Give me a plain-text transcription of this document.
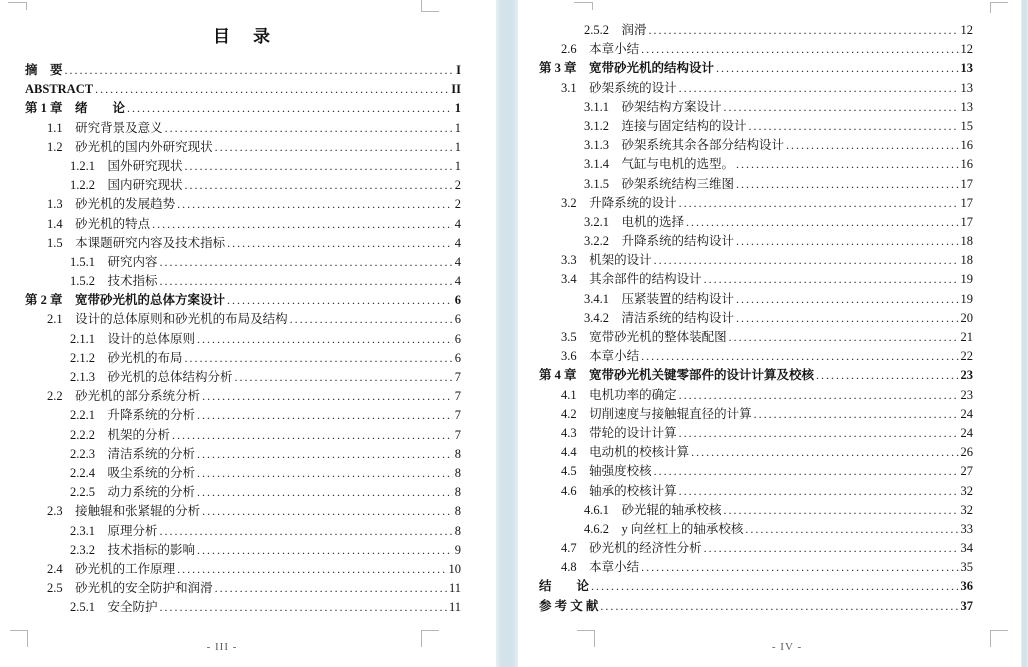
目　录
摘　要 .....	I
ABSTRACT .....	II
第 1 章　绪　　论 .....	1
1.1　研究背景及意义 .....	1
1.2　砂光机的国内外研究现状 .....	1
1.2.1　国外研究现状 .....	1
1.2.2　国内研究现状 .....	2
1.3　砂光机的发展趋势 .....	2
1.4　砂光机的特点 .....	4
1.5　本课题研究内容及技术指标 .....	4
1.5.1　研究内容 .....	4
1.5.2　技术指标 .....	4
第 2 章　宽带砂光机的总体方案设计 .....	6
2.1　设计的总体原则和砂光机的布局及结构 .....	6
2.1.1　设计的总体原则 .....	6
2.1.2　砂光机的布局 .....	6
2.1.3　砂光机的总体结构分析 .....	7
2.2　砂光机的部分系统分析 .....	7
2.2.1　升降系统的分析 .....	7
2.2.2　机架的分析 .....	7
2.2.3　清洁系统的分析 .....	8
2.2.4　吸尘系统的分析 .....	8
2.2.5　动力系统的分析 .....	8
2.3　接触辊和张紧辊的分析 .....	8
2.3.1　原理分析 .....	8
2.3.2　技术指标的影响 .....	9
2.4　砂光机的工作原理 .....	10
2.5　砂光机的安全防护和润滑 .....	11
2.5.1　安全防护 .....	11
2.5.2　润滑 .....	12
2.6　本章小结 .....	12
第 3 章　宽带砂光机的结构设计 .....	13
3.1　砂架系统的设计 .....	13
3.1.1　砂架结构方案设计 .....	13
3.1.2　连接与固定结构的设计 .....	15
3.1.3　砂架系统其余各部分结构设计 .....	16
3.1.4　气缸与电机的选型。 .....	16
3.1.5　砂架系统结构三维图 .....	17
3.2　升降系统的设计 .....	17
3.2.1　电机的选择 .....	17
3.2.2　升降系统的结构设计 .....	18
3.3　机架的设计 .....	18
3.4　其余部件的结构设计 .....	19
3.4.1　压紧装置的结构设计 .....	19
3.4.2　清洁系统的结构设计 .....	20
3.5　宽带砂光机的整体装配图 .....	21
3.6　本章小结 .....	22
第 4 章　宽带砂光机关键零部件的设计计算及校核 .....	23
4.1　电机功率的确定 .....	23
4.2　切削速度与接触辊直径的计算 .....	24
4.3　带轮的设计计算 .....	24
4.4　电动机的校核计算 .....	26
4.5　轴强度校核 .....	27
4.6　轴承的校核计算 .....	32
4.6.1　砂光辊的轴承校核 .....	32
4.6.2　y 向丝杠上的轴承校核 .....	33
4.7　砂光机的经济性分析 .....	34
4.8　本章小结 .....	35
结　　论 .....	36
参 考 文 献 .....	37
- III -	- IV -
